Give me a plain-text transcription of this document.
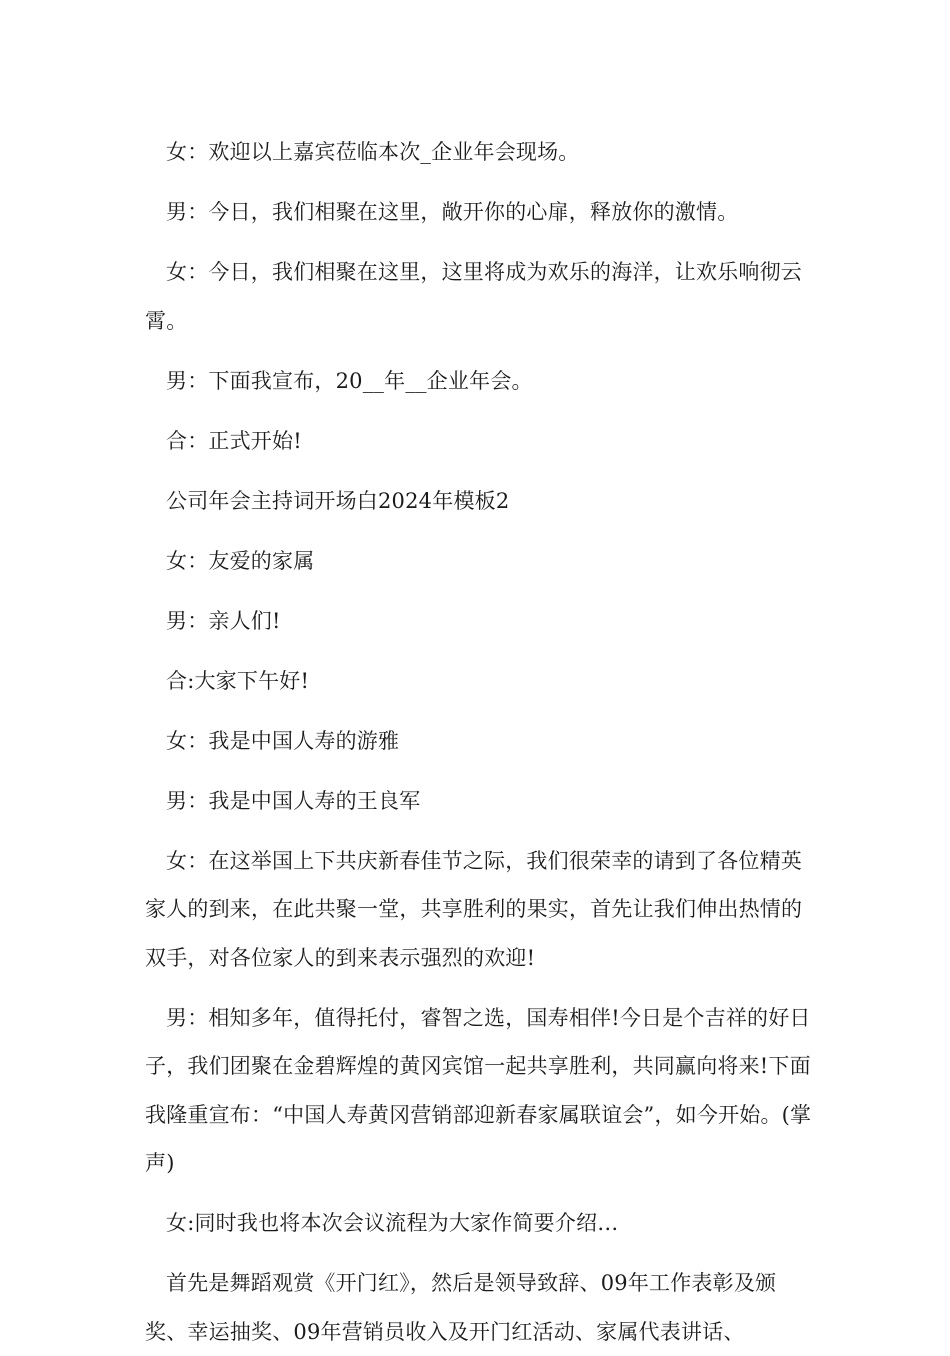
女：欢迎以上嘉宾莅临本次_企业年会现场。

男：今日，我们相聚在这里，敞开你的心扉，释放你的激情。

女：今日，我们相聚在这里，这里将成为欢乐的海洋，让欢乐响彻云霄。

男：下面我宣布，20__年__企业年会。

合：正式开始!

公司年会主持词开场白2024年模板2

女：友爱的家属

男：亲人们!

合:大家下午好!

女：我是中国人寿的游雅

男：我是中国人寿的王良军

女：在这举国上下共庆新春佳节之际，我们很荣幸的请到了各位精英家人的到来，在此共聚一堂，共享胜利的果实，首先让我们伸出热情的双手，对各位家人的到来表示强烈的欢迎!

男：相知多年，值得托付，睿智之选，国寿相伴!今日是个吉祥的好日子，我们团聚在金碧辉煌的黄冈宾馆一起共享胜利，共同赢向将来!下面我隆重宣布：“中国人寿黄冈营销部迎新春家属联谊会”，如今开始。(掌声)

女:同时我也将本次会议流程为大家作简要介绍…

首先是舞蹈观赏《开门红》，然后是领导致辞、09年工作表彰及颁奖、幸运抽奖、09年营销员收入及开门红活动、家属代表讲话、
